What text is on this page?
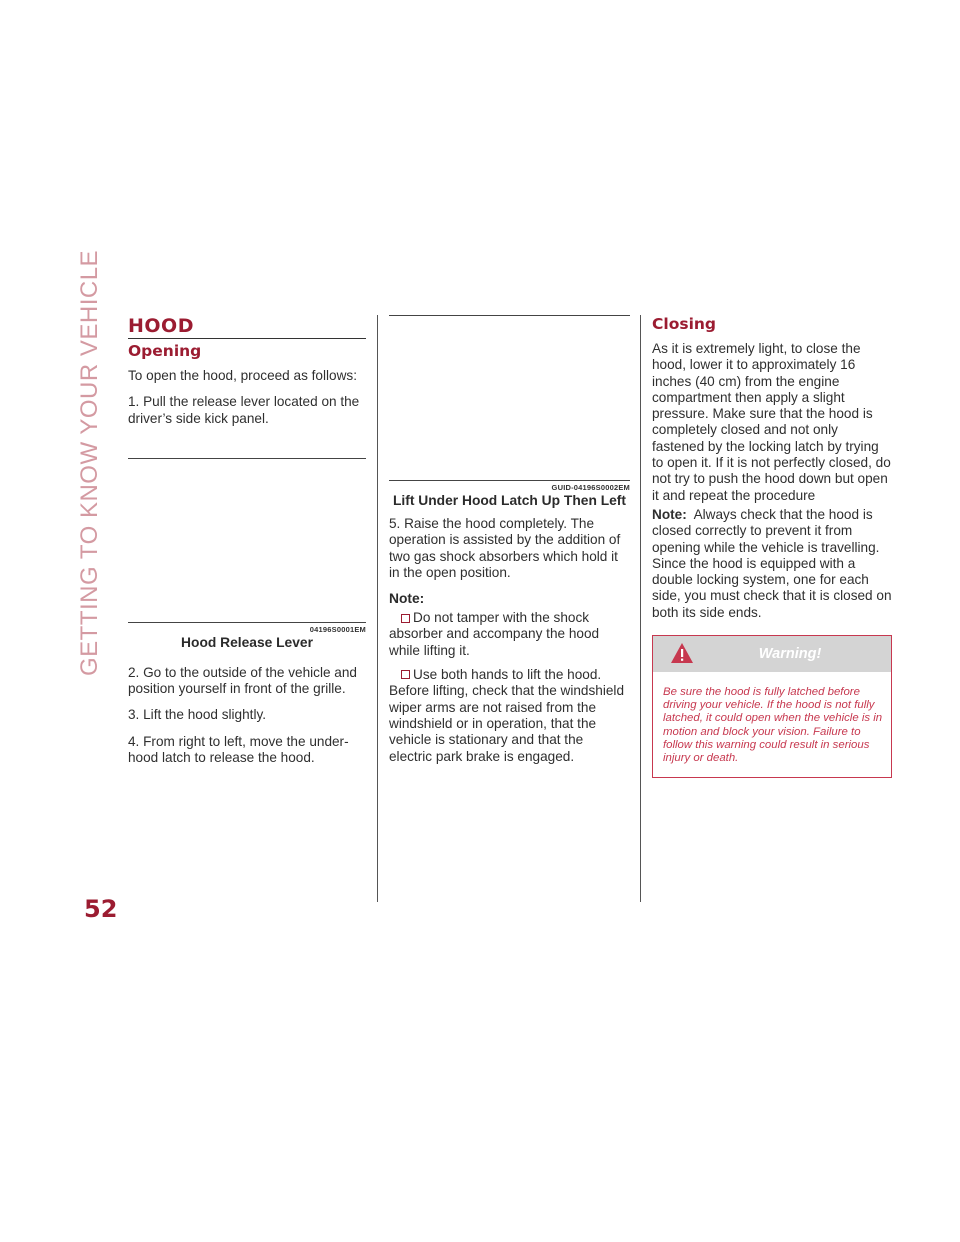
GETTING TO KNOW YOUR VEHICLE
52
HOOD
Opening

To open the hood, proceed as follows:

1. Pull the release lever located on the driver’s side kick panel.

04196S0001EM
Hood Release Lever

2. Go to the outside of the vehicle and position yourself in front of the grille.

3. Lift the hood slightly.

4. From right to left, move the under-hood latch to release the hood.

GUID-04196S0002EM
Lift Under Hood Latch Up Then Left

5. Raise the hood completely. The operation is assisted by the addition of two gas shock absorbers which hold it in the open position.

Note:
Do not tamper with the shock absorber and accompany the hood while lifting it.
Use both hands to lift the hood. Before lifting, check that the windshield wiper arms are not raised from the windshield or in operation, that the vehicle is stationary and that the electric park brake is engaged.
Closing

As it is extremely light, to close the hood, lower it to approximately 16 inches (40 cm) from the engine compartment then apply a slight pressure. Make sure that the hood is completely closed and not only fastened by the locking latch by trying to open it. If it is not perfectly closed, do not try to push the hood down but open it and repeat the procedure

Note: Always check that the hood is closed correctly to prevent it from opening while the vehicle is travelling. Since the hood is equipped with a double locking system, one for each side, you must check that it is closed on both its side ends.

Warning!
Be sure the hood is fully latched before driving your vehicle. If the hood is not fully latched, it could open when the vehicle is in motion and block your vision. Failure to follow this warning could result in serious injury or death.
